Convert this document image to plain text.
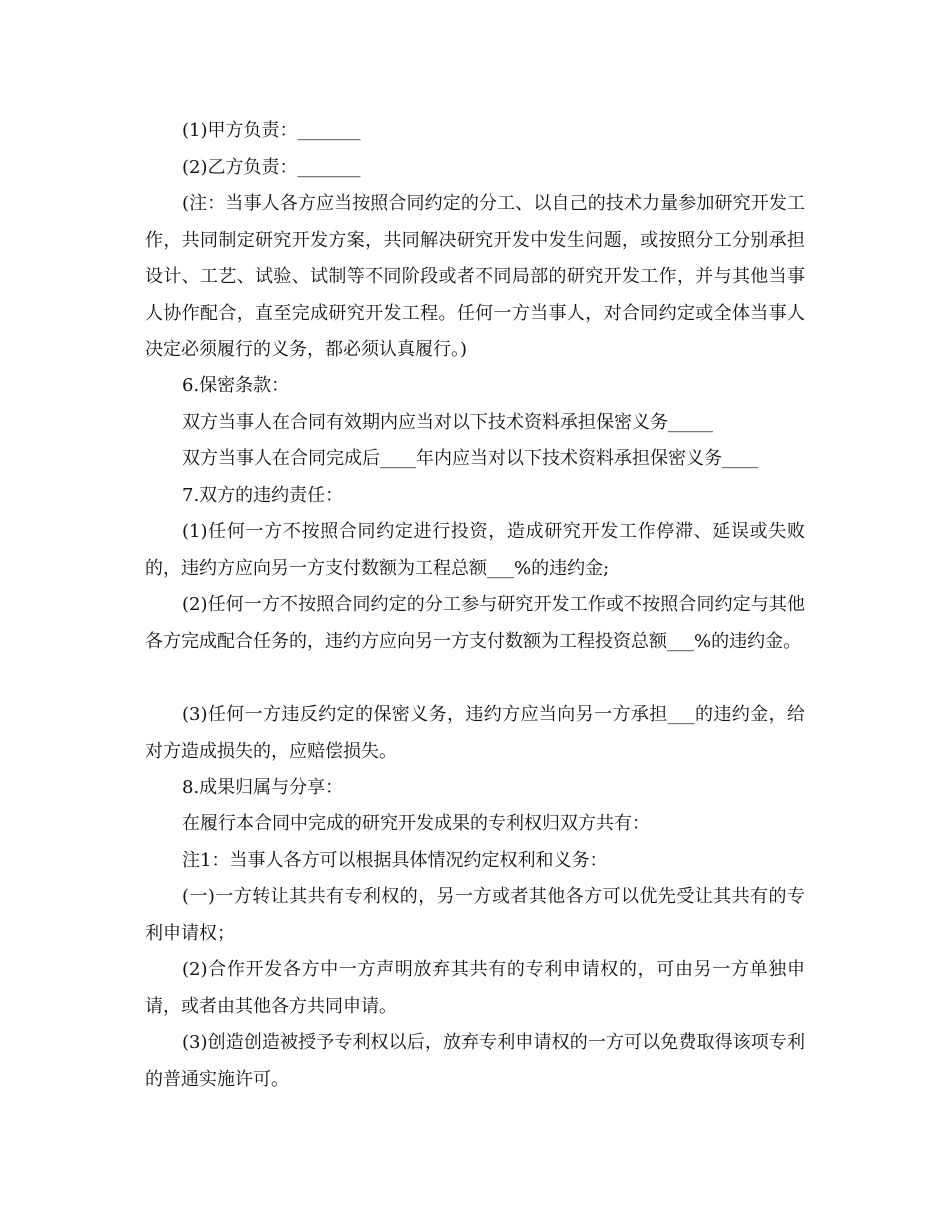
(1)甲方负责：_______

(2)乙方负责：_______

(注：当事人各方应当按照合同约定的分工、以自己的技术力量参加研究开发工作，共同制定研究开发方案，共同解决研究开发中发生问题，或按照分工分别承担设计、工艺、试验、试制等不同阶段或者不同局部的研究开发工作，并与其他当事人协作配合，直至完成研究开发工程。任何一方当事人，对合同约定或全体当事人决定必须履行的义务，都必须认真履行。)

6.保密条款：

双方当事人在合同有效期内应当对以下技术资料承担保密义务_____

双方当事人在合同完成后____年内应当对以下技术资料承担保密义务____

7.双方的违约责任：

(1)任何一方不按照合同约定进行投资，造成研究开发工作停滞、延误或失败的，违约方应向另一方支付数额为工程总额___%的违约金;

(2)任何一方不按照合同约定的分工参与研究开发工作或不按照合同约定与其他各方完成配合任务的，违约方应向另一方支付数额为工程投资总额___%的违约金。

(3)任何一方违反约定的保密义务，违约方应当向另一方承担___的违约金，给对方造成损失的，应赔偿损失。

8.成果归属与分享：

在履行本合同中完成的研究开发成果的专利权归双方共有：

注1：当事人各方可以根据具体情况约定权利和义务：

(一)一方转让其共有专利权的，另一方或者其他各方可以优先受让其共有的专利申请权；

(2)合作开发各方中一方声明放弃其共有的专利申请权的，可由另一方单独申请，或者由其他各方共同申请。

(3)创造创造被授予专利权以后，放弃专利申请权的一方可以免费取得该项专利的普通实施许可。
